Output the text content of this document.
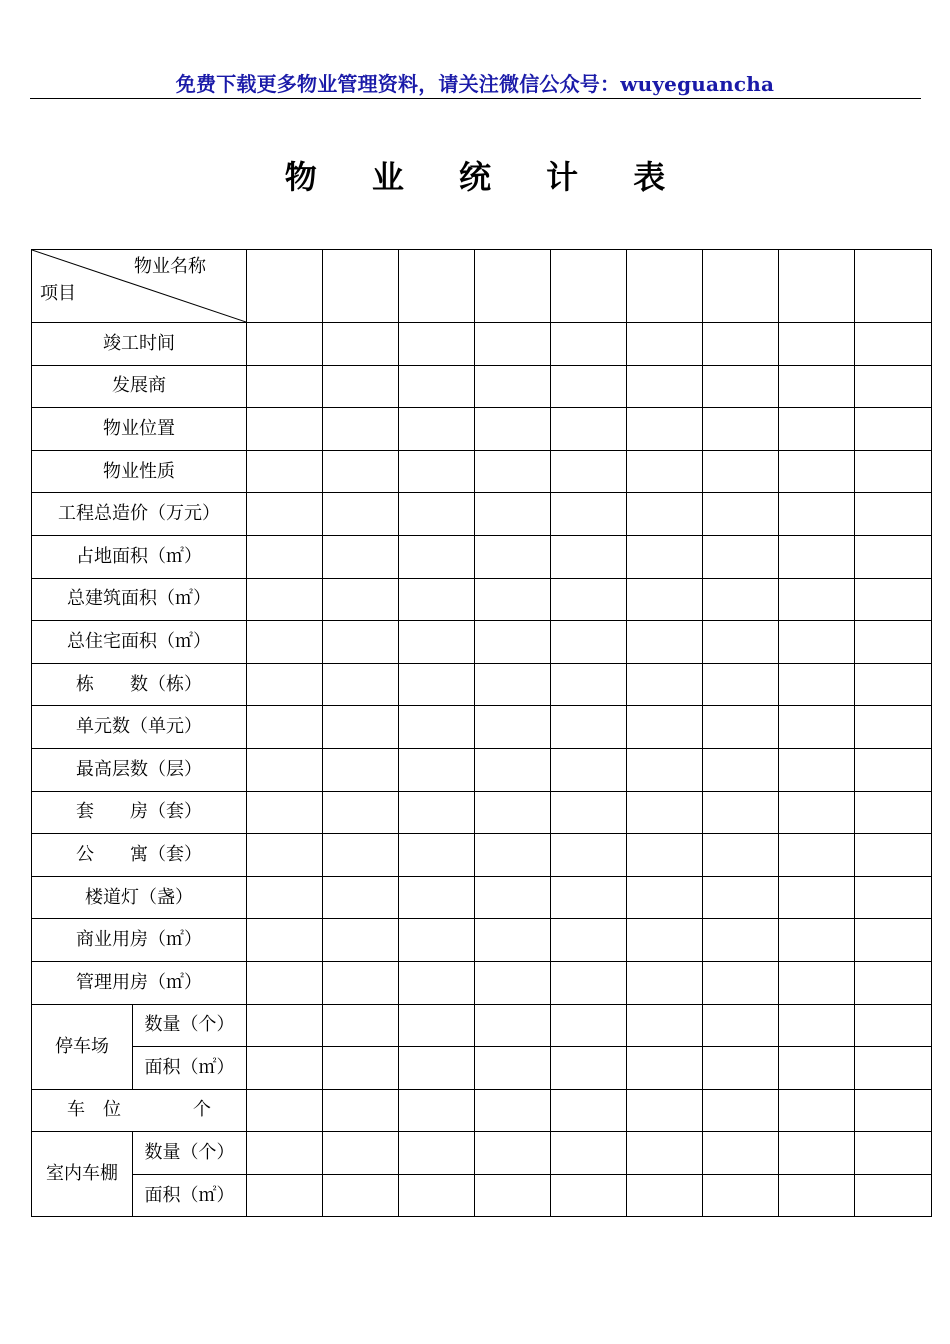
免费下载更多物业管理资料，请关注微信公众号：wuyeguancha
物 业 统 计 表
物业名称
项目										

竣工时间										
发展商										
物业位置										
物业性质										
工程总造价（万元）										
占地面积（㎡）										
总建筑面积（㎡）										
总住宅面积（㎡）										
栋　　数（栋）										
单元数（单元）										
最高层数（层）										
套　　房（套）										
公　　寓（套）										
楼道灯（盏）										
商业用房（㎡）										
管理用房（㎡）										
停车场	数量（个）									
	面积（㎡）									
车　位　　　　个										
室内车棚	数量（个）									
	面积（㎡）									
